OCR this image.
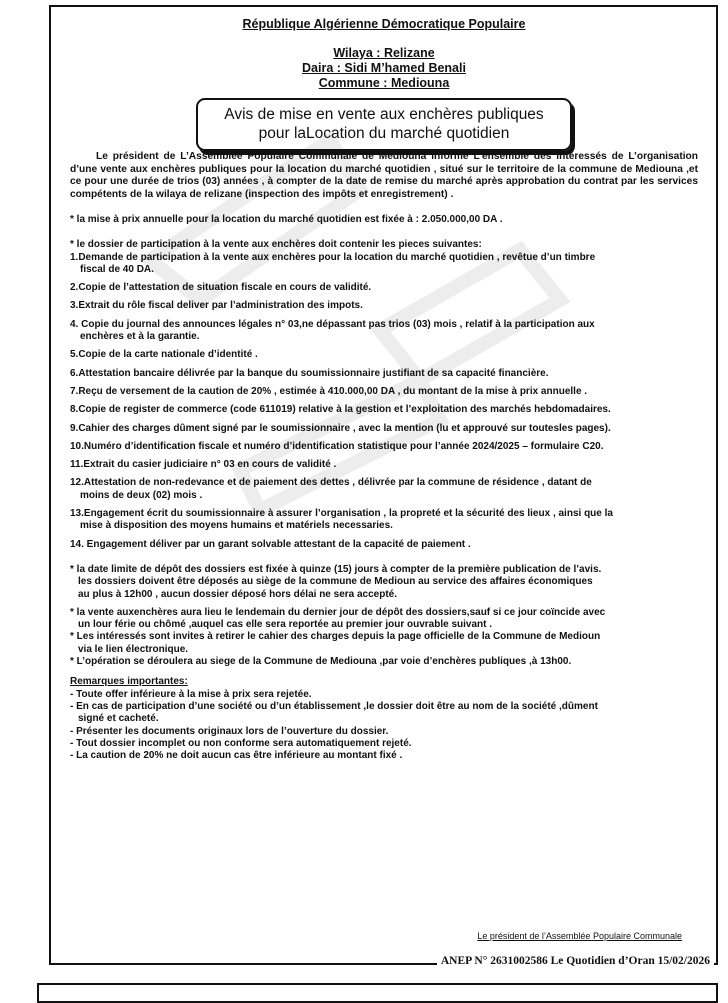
République Algérienne Démocratique Populaire
Wilaya : Relizane
Daira : Sidi M’hamed Benali
Commune : Mediouna
Avis de mise en vente aux enchères publiques
pour laLocation du marché quotidien

Le président de L’Assemblée Populaire Communale de Mediouna informe L’ensemble des intéressés de L’organisation d’une vente aux enchères publiques pour la location du marché quotidien , situé sur le territoire de la commune de Mediouna ,et ce pour une durée de trios (03) années , à compter de la date de remise du marché après approbation du contrat par les services compétents de la wilaya de relizane (inspection des impôts et enregistrement) .

* la mise à prix annuelle pour la location du marché quotidien est fixée à : 2.050.000,00 DA .

* le dossier de participation à la vente aux enchères doit contenir les pieces suivantes:

1.Demande de participation à la vente aux enchères pour la location du marché quotidien , revêtue d’un timbre
fiscal de 40 DA.
2.Copie de l’attestation de situation fiscale en cours de validité.
3.Extrait du rôle fiscal deliver par l’administration des impots.
4. Copie du journal des announces légales n° 03,ne dépassant pas trios (03) mois , relatif à la participation aux
enchères et à la garantie.
5.Copie de la carte nationale d’identité .
6.Attestation bancaire délivrée par la banque du soumissionnaire justifiant de sa capacité financière.
7.Reçu de versement de la caution de 20% , estimée à 410.000,00 DA , du montant de la mise à prix annuelle .
8.Copie de register de commerce (code 611019) relative à la gestion et l’exploitation des marchés hebdomadaires.
9.Cahier des charges dûment signé par le soumissionnaire , avec la mention (lu et approuvé sur toutesles pages).
10.Numéro d’identification fiscale et numéro d’identification statistique pour l’année 2024/2025 – formulaire C20.
11.Extrait du casier judiciaire n° 03 en cours de validité .
12.Attestation de non-redevance et de paiement des dettes , délivrée par la commune de résidence , datant de
moins de deux (02) mois .
13.Engagement écrit du soumissionnaire à assurer l’organisation , la propreté et la sécurité des lieux , ainsi que la
mise à disposition des moyens humains et matériels necessaries.
14. Engagement déliver par un garant solvable attestant de la capacité de paiement .
* la date limite de dépôt des dossiers est fixée à quinze (15) jours à compter de la première publication de l’avis.
les dossiers doivent être déposés au siège de la commune de Medioun au service des affaires économiques
au plus à 12h00 , aucun dossier déposé hors délai ne sera accepté.
* la vente auxenchères aura lieu le lendemain du dernier jour de dépôt des dossiers,sauf si ce jour coïncide avec
un lour férie ou chômé ,auquel cas elle sera reportée au premier jour ouvrable suivant .
* Les intéressés sont invites à retirer le cahier des charges depuis la page officielle de la Commune de Medioun
via le lien électronique.
* L’opération se déroulera au siege de la Commune de Mediouna ,par voie d’enchères publiques ,à 13h00.
Remarques importantes:
- Toute offer inférieure à la mise à prix sera rejetée.
- En cas de participation d’une société ou d’un établissement ,le dossier doit être au nom de la société ,dûment
signé et cacheté.
- Présenter les documents originaux lors de l’ouverture du dossier.
- Tout dossier incomplet ou non conforme sera automatiquement rejeté.
- La caution de 20% ne doit aucun cas être inférieure au montant fixé .
Le président de l’Assemblée Populaire Communale
ANEP N° 2631002586 Le Quotidien d’Oran 15/02/2026
